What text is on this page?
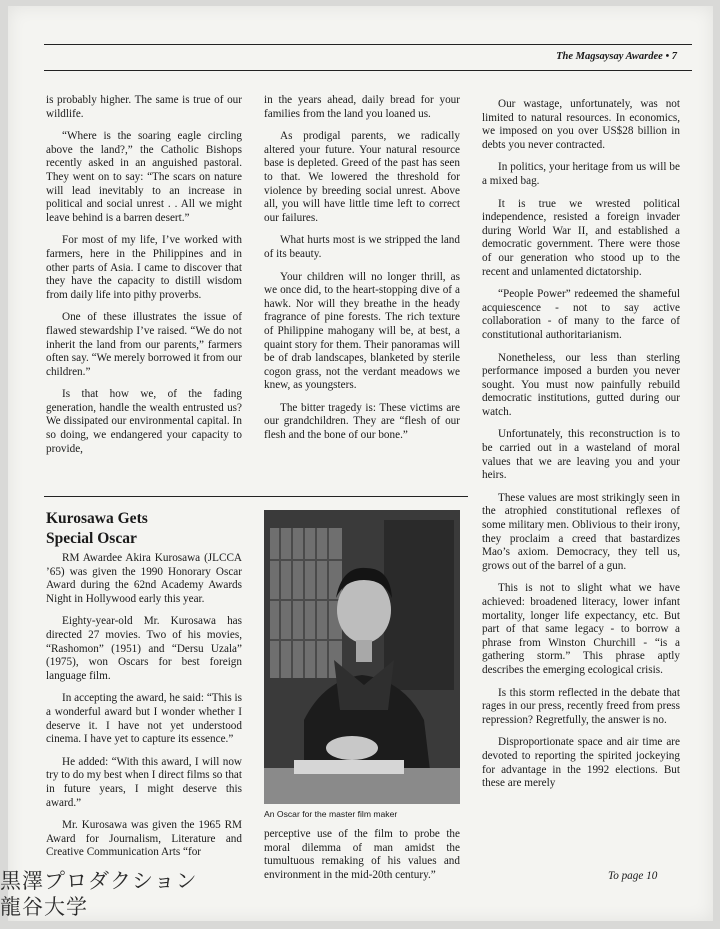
The Magsaysay Awardee • 7

is probably higher. The same is true of our wildlife.

“Where is the soaring eagle circling above the land?,” the Catholic Bishops recently asked in an anguished pastoral. They went on to say: “The scars on nature will lead inevitably to an increase in political and social unrest . . All we might leave behind is a barren desert.”

For most of my life, I’ve worked with farmers, here in the Philippines and in other parts of Asia. I came to discover that they have the capacity to distill wisdom from daily life into pithy proverbs.

One of these illustrates the issue of flawed stewardship I’ve raised. “We do not inherit the land from our parents,” farmers often say. “We merely borrowed it from our children.”

Is that how we, of the fading generation, handle the wealth entrusted us? We dissipated our environmental capital. In so doing, we endangered your capacity to provide,

in the years ahead, daily bread for your families from the land you loaned us.

As prodigal parents, we radically altered your future. Your natural resource base is depleted. Greed of the past has seen to that. We lowered the threshold for violence by breeding social unrest. Above all, you will have little time left to correct our failures.

What hurts most is we stripped the land of its beauty.

Your children will no longer thrill, as we once did, to the heart-stopping dive of a hawk. Nor will they breathe in the heady fragrance of pine forests. The rich texture of Philippine mahogany will be, at best, a quaint story for them. Their panoramas will be of drab landscapes, blanketed by sterile cogon grass, not the verdant meadows we knew, as youngsters.

The bitter tragedy is: These victims are our grandchildren. They are “flesh of our flesh and the bone of our bone.”

Our wastage, unfortunately, was not limited to natural resources. In economics, we imposed on you over US$28 billion in debts you never contracted.

In politics, your heritage from us will be a mixed bag.

It is true we wrested political independence, resisted a foreign invader during World War II, and established a democratic government. There were those of our generation who stood up to the recent and unlamented dictatorship.

“People Power” redeemed the shameful acquiescence - not to say active collaboration - of many to the farce of constitutional authoritarianism.

Nonetheless, our less than sterling performance imposed a burden you never sought. You must now painfully rebuild democratic institutions, gutted during our watch.

Unfortunately, this reconstruction is to be carried out in a wasteland of moral values that we are leaving you and your heirs.

These values are most strikingly seen in the atrophied constitutional reflexes of some military men. Oblivious to their irony, they proclaim a creed that bastardizes Mao’s axiom. Democracy, they tell us, grows out of the barrel of a gun.

This is not to slight what we have achieved: broadened literacy, lower infant mortality, longer life expectancy, etc. But part of that same legacy - to borrow a phrase from Winston Churchill - “is a gathering storm.” This phrase aptly describes the emerging ecological crisis.

Is this storm reflected in the debate that rages in our press, recently freed from press repression? Regretfully, the answer is no.

Disproportionate space and air time are devoted to reporting the spirited jockeying for advantage in the 1992 elections. But these are merely

Kurosawa Gets
Special Oscar

RM Awardee Akira Kurosawa (JLCCA ’65) was given the 1990 Honorary Oscar Award during the 62nd Academy Awards Night in Hollywood early this year.

Eighty-year-old Mr. Kurosawa has directed 27 movies. Two of his movies, “Rashomon” (1951) and “Dersu Uzala” (1975), won Oscars for best foreign language film.

In accepting the award, he said: “This is a wonderful award but I wonder whether I deserve it. I have not yet understood cinema. I have yet to capture its essence.”

He added: “With this award, I will now try to do my best when I direct films so that in future years, I might deserve this award.”

Mr. Kurosawa was given the 1965 RM Award for Journalism, Literature and Creative Communication Arts “for

An Oscar for the master film maker

perceptive use of the film to probe the moral dilemma of man amidst the tumultuous remaking of his values and environment in the mid-20th century.”	To page 10
黒澤プロダクション
龍谷大学
